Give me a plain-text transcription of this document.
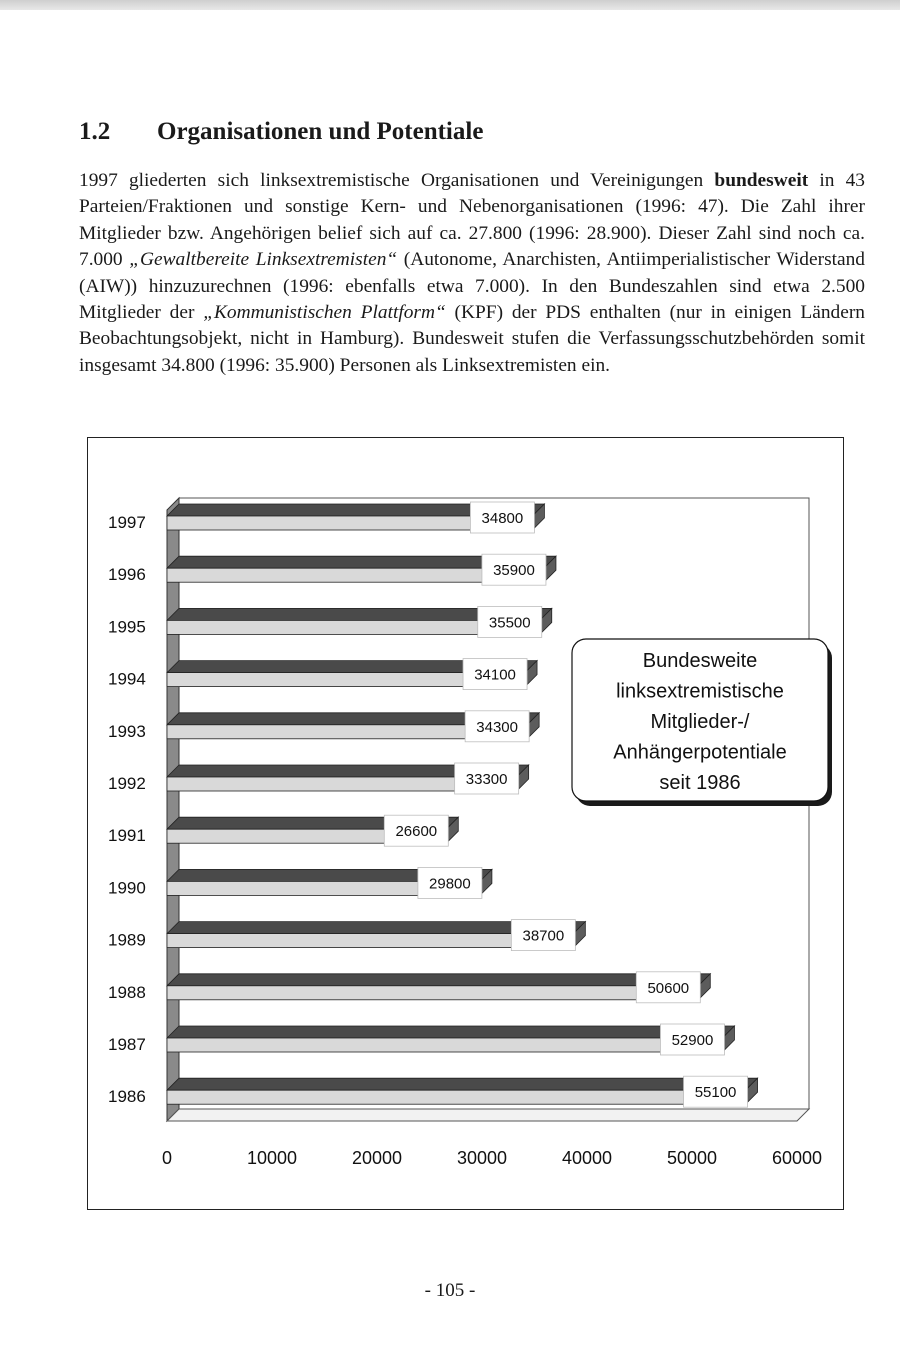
1.2 Organisationen und Potentiale

1997 gliederten sich linksextremistische Organisationen und Vereinigungen bundesweit in 43 Parteien/Fraktionen und sonstige Kern- und Nebenorganisationen (1996: 47). Die Zahl ihrer Mitglieder bzw. Angehörigen belief sich auf ca. 27.800 (1996: 28.900). Dieser Zahl sind noch ca. 7.000 „Gewaltbereite Linksextremisten“ (Autonome, Anarchisten, Antiimperialistischer Widerstand (AIW)) hinzuzurechnen (1996: ebenfalls etwa 7.000). In den Bundeszahlen sind etwa 2.500 Mitglieder der „Kommunistischen Plattform“ (KPF) der PDS enthalten (nur in einigen Ländern Beobachtungsobjekt, nicht in Hamburg). Bundesweit stufen die Verfassungsschutzbehörden somit insgesamt 34.800 (1996: 35.900) Personen als Linksextremisten ein.

1997	34800
1996	35900
1995	35500
1994	34100
1993	34300
1992	33300
1991	26600
1990	29800
1989	38700
1988	50600
1987	52900
1986	55100
0	10000	20000	30000	40000	50000	60000
Bundesweite
linksextremistische
Mitglieder-/
Anhängerpotentiale
seit 1986
- 105 -
